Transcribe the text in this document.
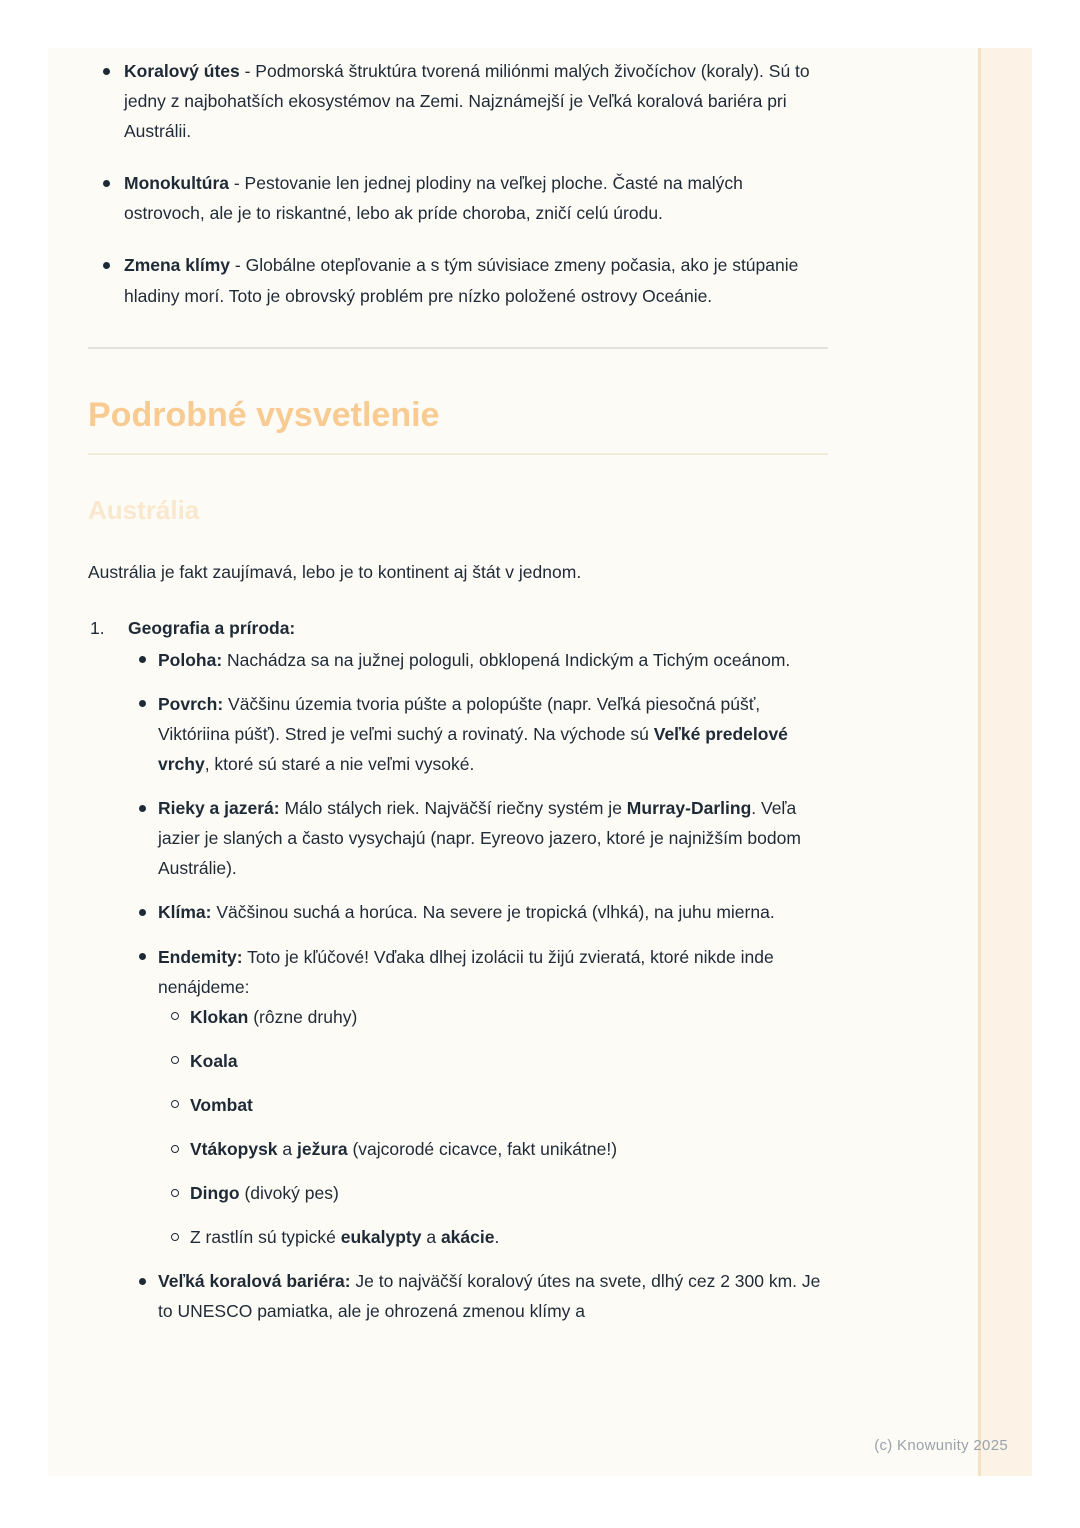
Koralový útes - Podmorská štruktúra tvorená miliónmi malých živočíchov (koraly). Sú to jedny z najbohatších ekosystémov na Zemi. Najznámejší je Veľká koralová bariéra pri Austrálii.
Monokultúra - Pestovanie len jednej plodiny na veľkej ploche. Časté na malých ostrovoch, ale je to riskantné, lebo ak príde choroba, zničí celú úrodu.
Zmena klímy - Globálne otepľovanie a s tým súvisiace zmeny počasia, ako je stúpanie hladiny morí. Toto je obrovský problém pre nízko položené ostrovy Oceánie.
Podrobné vysvetlenie
Austrália

Austrália je fakt zaujímavá, lebo je to kontinent aj štát v jednom.

1. Geografia a príroda:
Poloha: Nachádza sa na južnej pologuli, obklopená Indickým a Tichým oceánom.
Povrch: Väčšinu územia tvoria púšte a polopúšte (napr. Veľká piesočná púšť, Viktóriina púšť). Stred je veľmi suchý a rovinatý. Na východe sú Veľké predelové vrchy, ktoré sú staré a nie veľmi vysoké.
Rieky a jazerá: Málo stálych riek. Najväčší riečny systém je Murray-Darling. Veľa jazier je slaných a často vysychajú (napr. Eyreovo jazero, ktoré je najnižším bodom Austrálie).
Klíma: Väčšinou suchá a horúca. Na severe je tropická (vlhká), na juhu mierna.
Endemity: Toto je kľúčové! Vďaka dlhej izolácii tu žijú zvieratá, ktoré nikde inde nenájdeme:
Klokan (rôzne druhy)
Koala
Vombat
Vtákopysk a ježura (vajcorodé cicavce, fakt unikátne!)
Dingo (divoký pes)
Z rastlín sú typické eukalypty a akácie.
Veľká koralová bariéra: Je to najväčší koralový útes na svete, dlhý cez 2 300 km. Je to UNESCO pamiatka, ale je ohrozená zmenou klímy a
(c) Knowunity 2025
